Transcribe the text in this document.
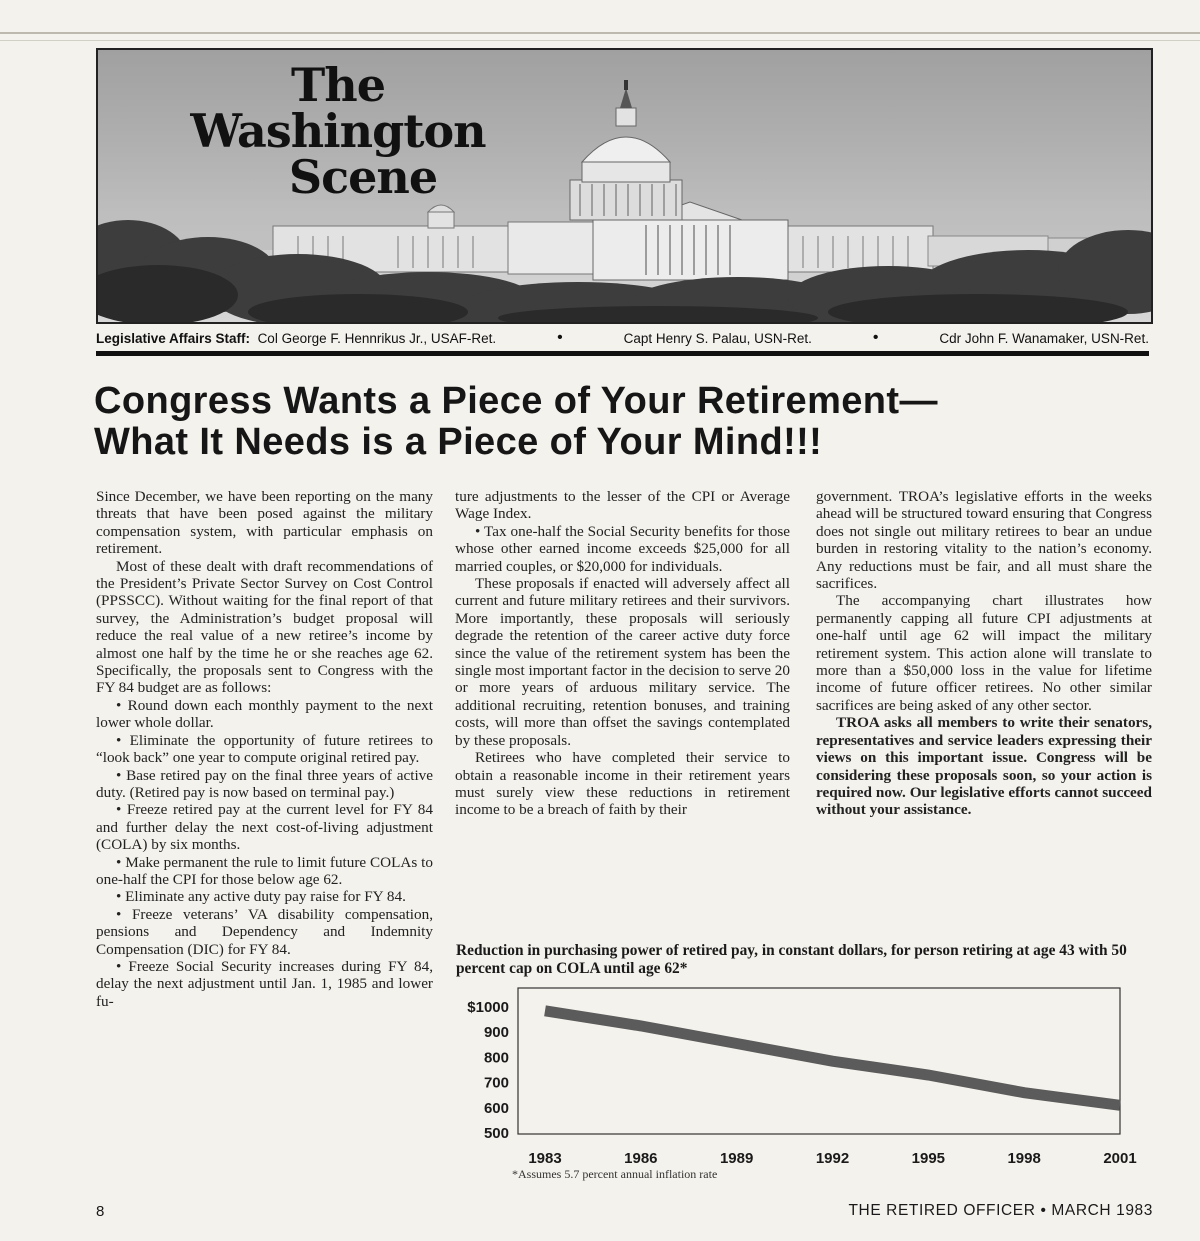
The
Washington
Scene
Legislative Affairs Staff: Col George F. Hennrikus Jr., USAF-Ret.	•	Capt Henry S. Palau, USN-Ret.	•	Cdr John F. Wanamaker, USN-Ret.
Congress Wants a Piece of Your Retirement—
What It Needs is a Piece of Your Mind!!!

Since December, we have been reporting on the many threats that have been posed against the military compensation system, with particular emphasis on retirement.

Most of these dealt with draft recommendations of the President’s Private Sector Survey on Cost Control (PPSSCC). Without waiting for the final report of that survey, the Administration’s budget proposal will reduce the real value of a new retiree’s income by almost one half by the time he or she reaches age 62. Specifically, the proposals sent to Congress with the FY 84 budget are as follows:

• Round down each monthly payment to the next lower whole dollar.

• Eliminate the opportunity of future retirees to “look back” one year to compute original retired pay.

• Base retired pay on the final three years of active duty. (Retired pay is now based on terminal pay.)

• Freeze retired pay at the current level for FY 84 and further delay the next cost-of-living adjustment (COLA) by six months.

• Make permanent the rule to limit future COLAs to one-half the CPI for those below age 62.

• Eliminate any active duty pay raise for FY 84.

• Freeze veterans’ VA disability compensation, pensions and Dependency and Indemnity Compensation (DIC) for FY 84.

• Freeze Social Security increases during FY 84, delay the next adjustment until Jan. 1, 1985 and lower fu-

ture adjustments to the lesser of the CPI or Average Wage Index.

• Tax one-half the Social Security benefits for those whose other earned income exceeds $25,000 for all married couples, or $20,000 for individuals.

These proposals if enacted will adversely affect all current and future military retirees and their survivors. More importantly, these proposals will seriously degrade the retention of the career active duty force since the value of the retirement system has been the single most important factor in the decision to serve 20 or more years of arduous military service. The additional recruiting, retention bonuses, and training costs, will more than offset the savings contemplated by these proposals.

Retirees who have completed their service to obtain a reasonable income in their retirement years must surely view these reductions in retirement income to be a breach of faith by their

government. TROA’s legislative efforts in the weeks ahead will be structured toward ensuring that Congress does not single out military retirees to bear an undue burden in restoring vitality to the nation’s economy. Any reductions must be fair, and all must share the sacrifices.

The accompanying chart illustrates how permanently capping all future CPI adjustments at one-half until age 62 will impact the military retirement system. This action alone will translate to more than a $50,000 loss in the value for lifetime income of future officer retirees. No other similar sacrifices are being asked of any other sector.

TROA asks all members to write their senators, representatives and service leaders expressing their views on this important issue. Congress will be considering these proposals soon, so your action is required now. Our legislative efforts cannot succeed without your assistance.

Reduction in purchasing power of retired pay, in constant dollars, for person retiring at age 43 with 50 percent cap on COLA until age 62*
$1000
900
800
700
600
500
1983	1986	1989	1992	1995	1998	2001
*Assumes 5.7 percent annual inflation rate
8	THE RETIRED OFFICER • MARCH 1983
